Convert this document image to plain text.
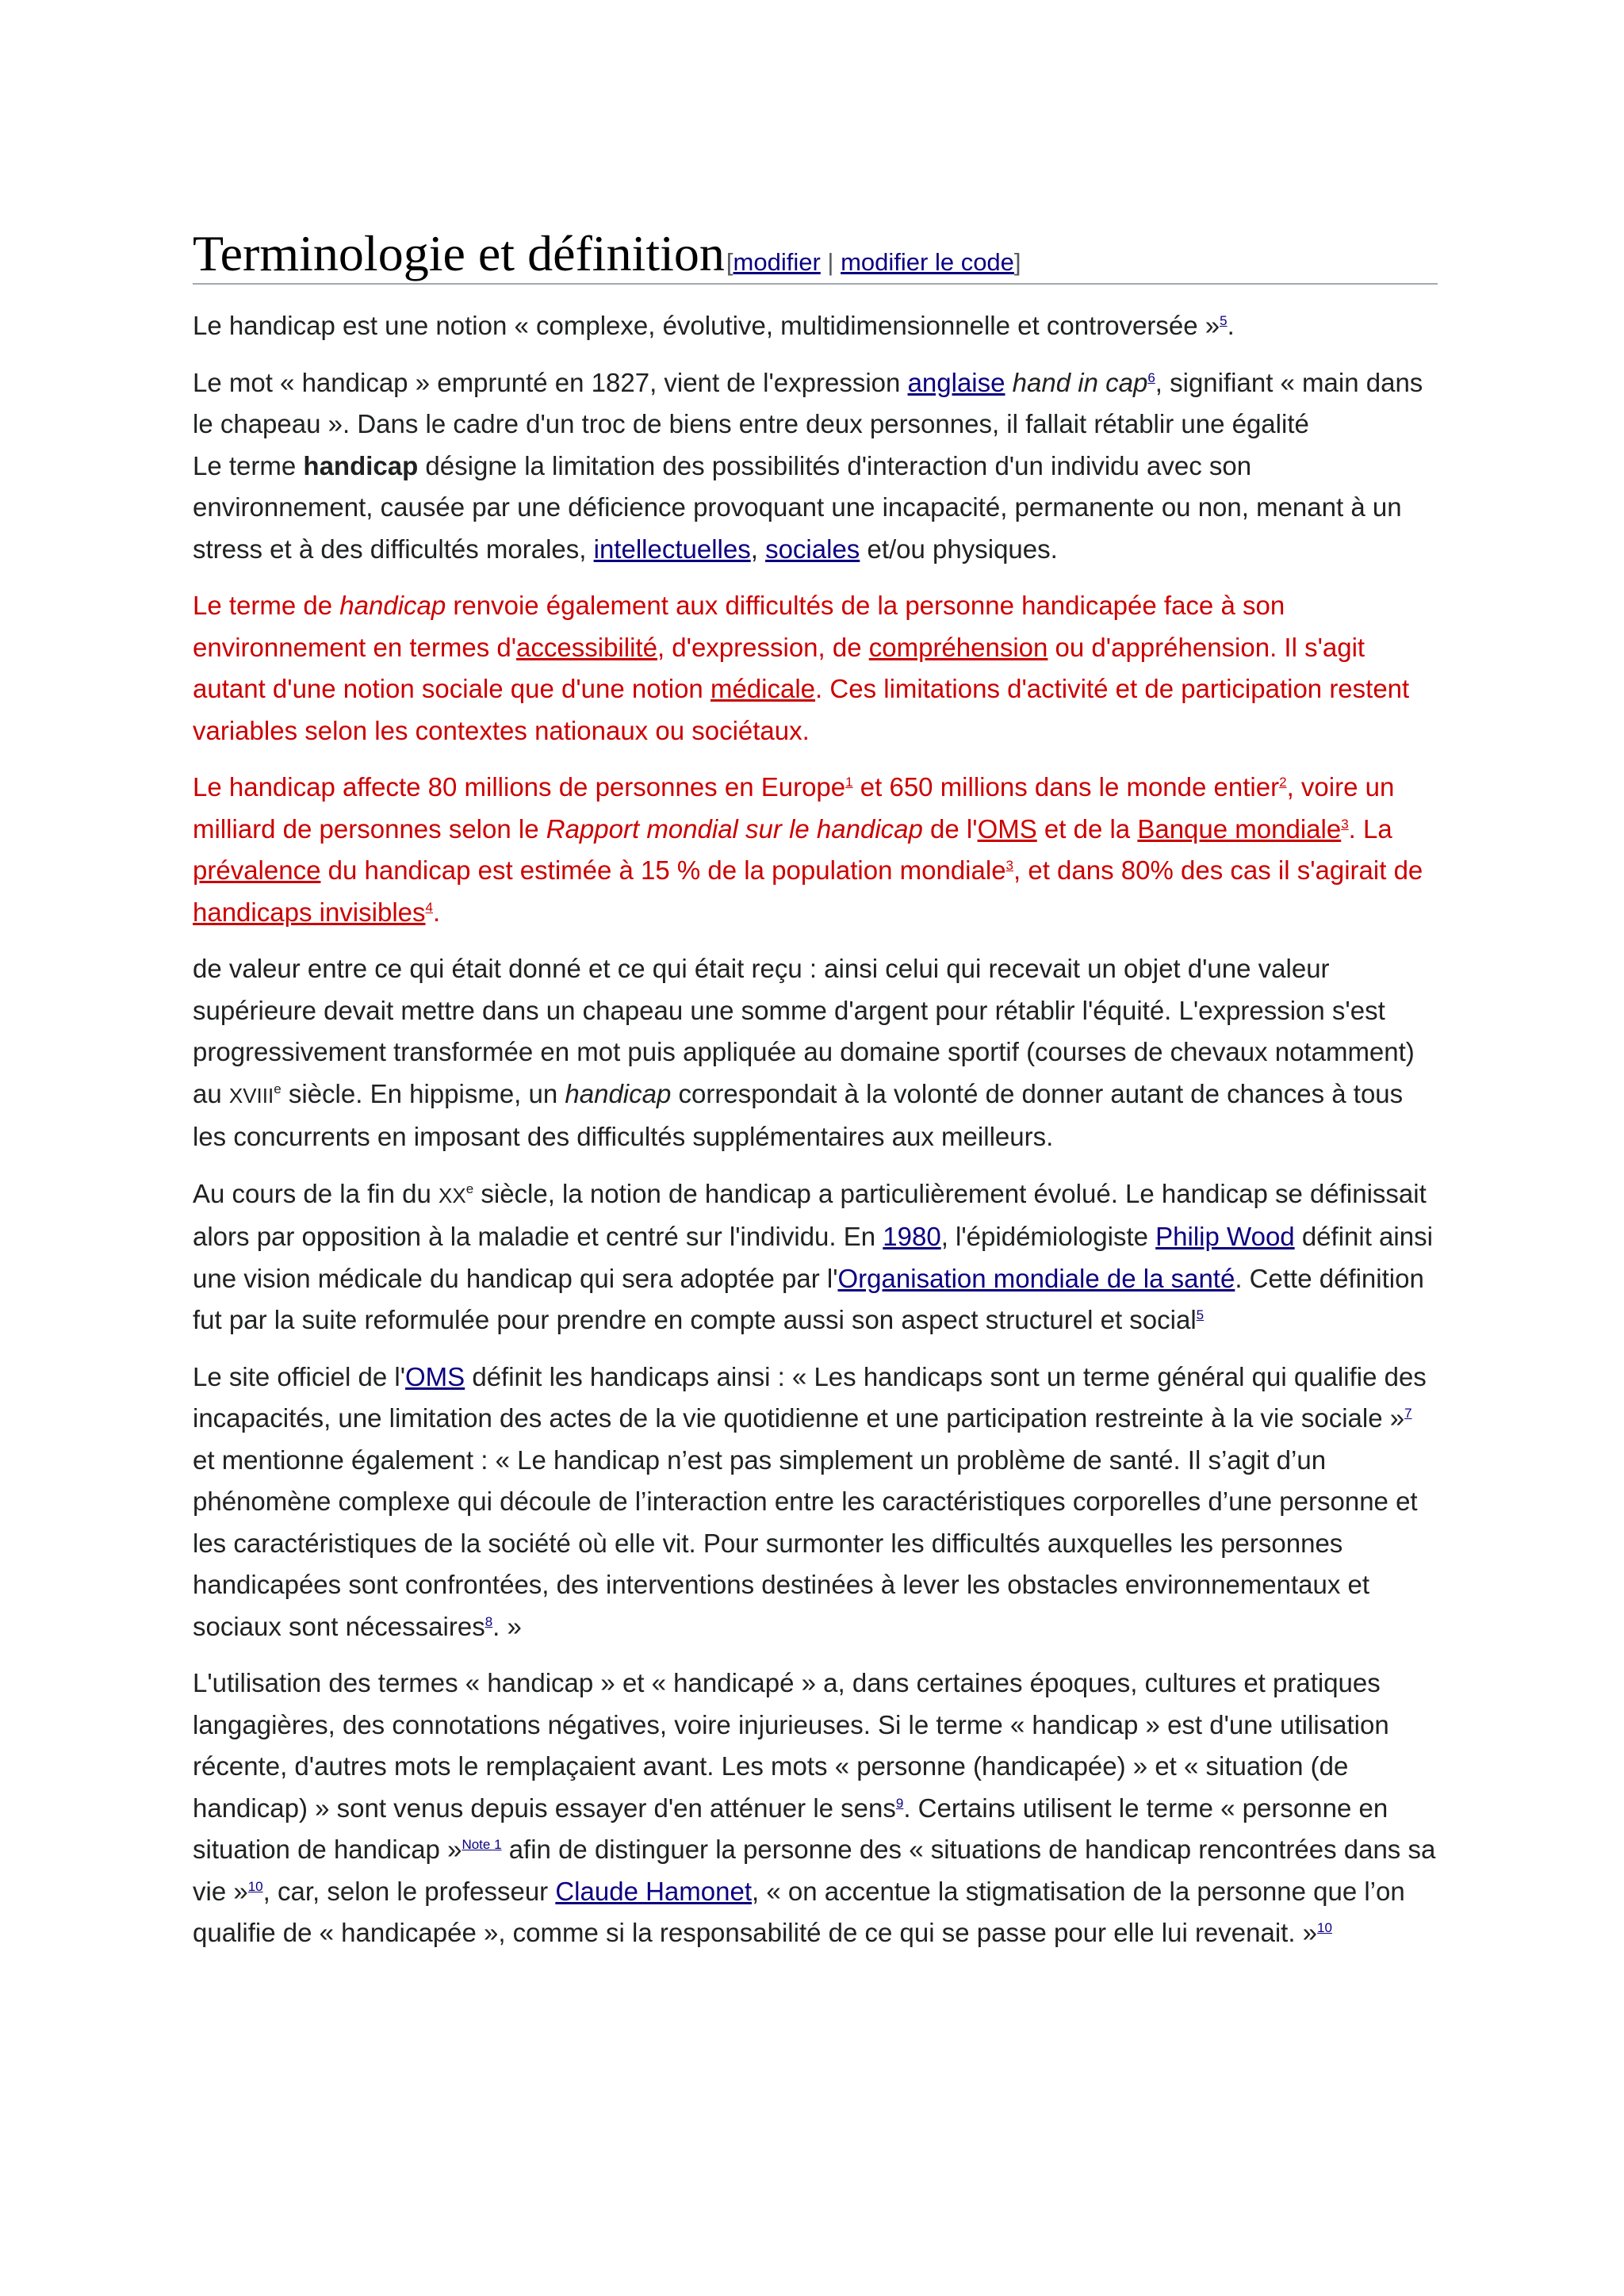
Terminologie et définition [modifier | modifier le code]

Le handicap est une notion « complexe, évolutive, multidimensionnelle et controversée »$^5$.

Le mot « handicap » emprunté en 1827, vient de l'expression anglaise hand in cap$^6$, signifiant « main dans le chapeau ». Dans le cadre d'un troc de biens entre deux personnes, il fallait rétablir une égalité

Le terme handicap désigne la limitation des possibilités d'interaction d'un individu avec son environnement, causée par une déficience provoquant une incapacité, permanente ou non, menant à un stress et à des difficultés morales, intellectuelles, sociales et/ou physiques.

Le terme de handicap renvoie également aux difficultés de la personne handicapée face à son environnement en termes d'accessibilité, d'expression, de compréhension ou d'appréhension. Il s'agit autant d'une notion sociale que d'une notion médicale. Ces limitations d'activité et de participation restent variables selon les contextes nationaux ou sociétaux.

Le handicap affecte 80 millions de personnes en Europe$^1$ et 650 millions dans le monde entier$^2$, voire un milliard de personnes selon le Rapport mondial sur le handicap de l'OMS et de la Banque mondiale$^3$. La prévalence du handicap est estimée à 15 % de la population mondiale$^3$, et dans 80% des cas il s'agirait de handicaps invisibles$^4$.

de valeur entre ce qui était donné et ce qui était reçu : ainsi celui qui recevait un objet d'une valeur supérieure devait mettre dans un chapeau une somme d'argent pour rétablir l'équité. L'expression s'est progressivement transformée en mot puis appliquée au domaine sportif (courses de chevaux notamment) au XVIIIe siècle. En hippisme, un handicap correspondait à la volonté de donner autant de chances à tous les concurrents en imposant des difficultés supplémentaires aux meilleurs.

Au cours de la fin du XXe siècle, la notion de handicap a particulièrement évolué. Le handicap se définissait alors par opposition à la maladie et centré sur l'individu. En 1980, l'épidémiologiste Philip Wood définit ainsi une vision médicale du handicap qui sera adoptée par l'Organisation mondiale de la santé. Cette définition fut par la suite reformulée pour prendre en compte aussi son aspect structurel et social$^5$

Le site officiel de l'OMS définit les handicaps ainsi : « Les handicaps sont un terme général qui qualifie des incapacités, une limitation des actes de la vie quotidienne et une participation restreinte à la vie sociale »$^7$ et mentionne également : « Le handicap n’est pas simplement un problème de santé. Il s’agit d’un phénomène complexe qui découle de l’interaction entre les caractéristiques corporelles d’une personne et les caractéristiques de la société où elle vit. Pour surmonter les difficultés auxquelles les personnes handicapées sont confrontées, des interventions destinées à lever les obstacles environnementaux et sociaux sont nécessaires$^8$. »

L'utilisation des termes « handicap » et « handicapé » a, dans certaines époques, cultures et pratiques langagières, des connotations négatives, voire injurieuses. Si le terme « handicap » est d'une utilisation récente, d'autres mots le remplaçaient avant. Les mots « personne (handicapée) » et « situation (de handicap) » sont venus depuis essayer d'en atténuer le sens$^9$. Certains utilisent le terme « personne en situation de handicap »$^{Note 1}$ afin de distinguer la personne des « situations de handicap rencontrées dans sa vie »$^{10}$, car, selon le professeur Claude Hamonet, « on accentue la stigmatisation de la personne que l’on qualifie de « handicapée », comme si la responsabilité de ce qui se passe pour elle lui revenait. »$^{10}$
